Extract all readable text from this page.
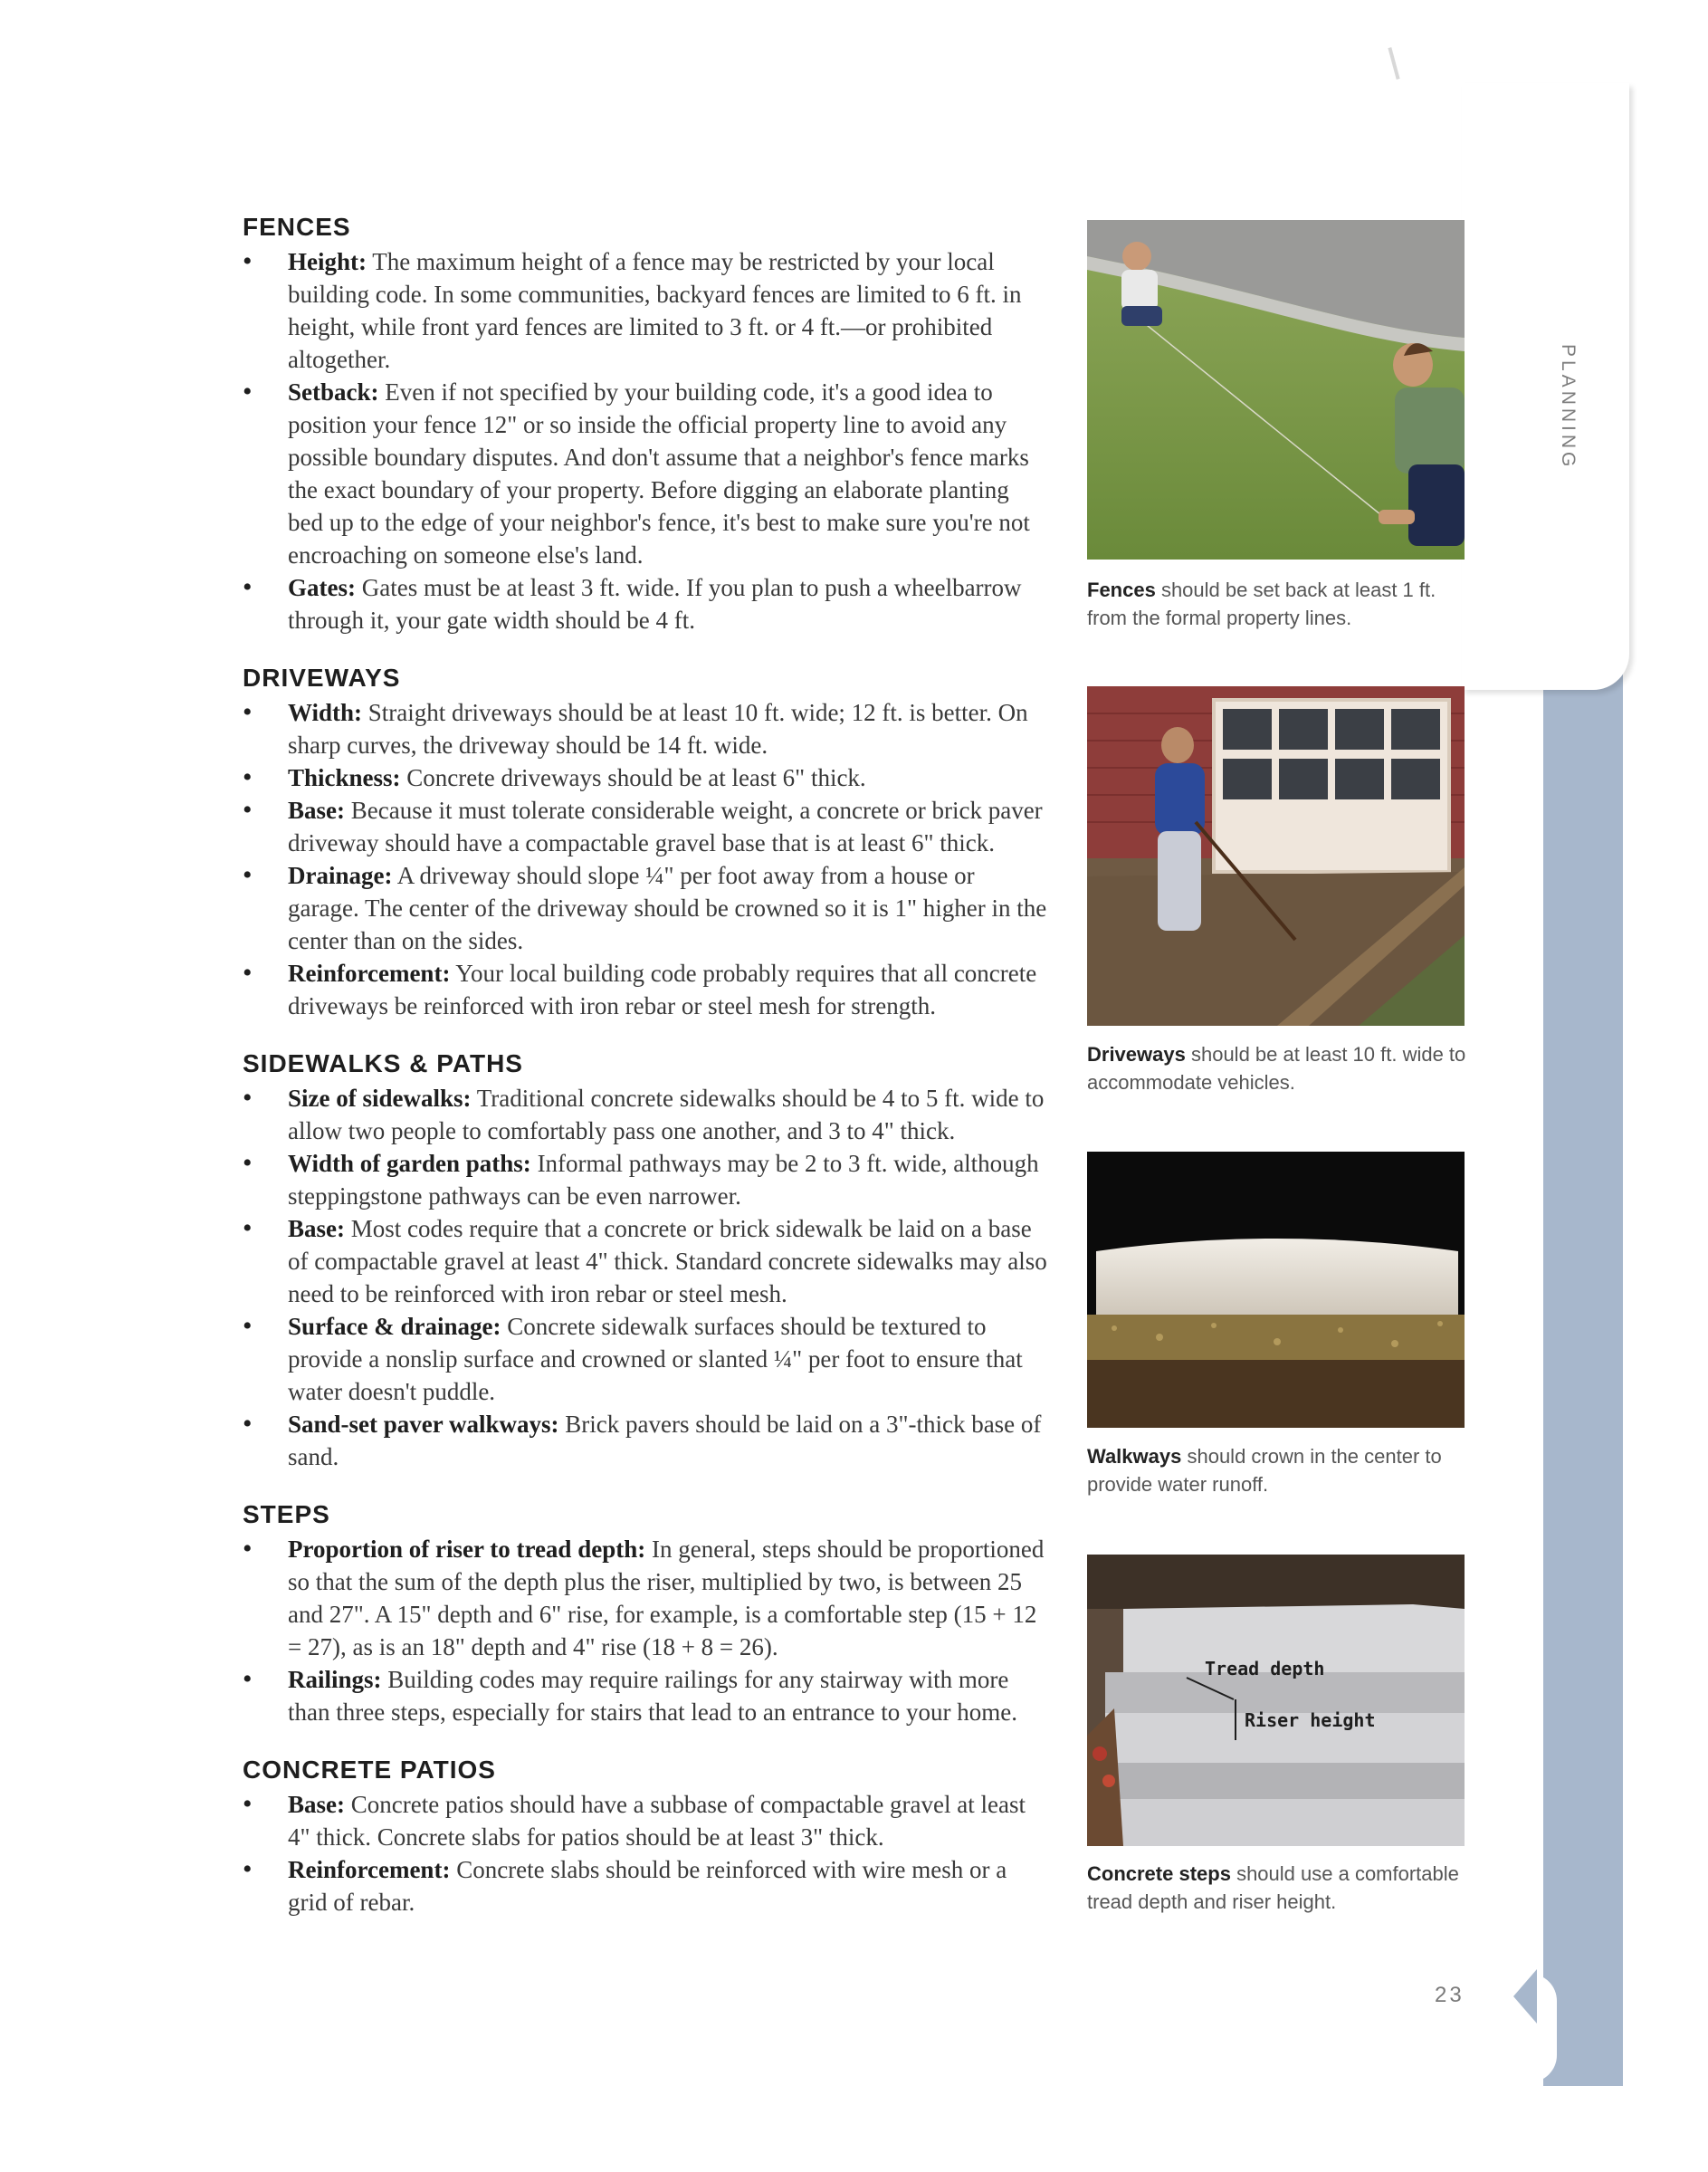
PLANNING
FENCES
• Height: The maximum height of a fence may be restricted by your local building code. In some communities, backyard fences are limited to 6 ft. in height, while front yard fences are limited to 3 ft. or 4 ft.—or prohibited altogether.
• Setback: Even if not specified by your building code, it's a good idea to position your fence 12" or so inside the official property line to avoid any possible boundary disputes. And don't assume that a neighbor's fence marks the exact boundary of your property. Before digging an elaborate planting bed up to the edge of your neighbor's fence, it's best to make sure you're not encroaching on someone else's land.
• Gates: Gates must be at least 3 ft. wide. If you plan to push a wheelbarrow through it, your gate width should be 4 ft.
DRIVEWAYS
• Width: Straight driveways should be at least 10 ft. wide; 12 ft. is better. On sharp curves, the driveway should be 14 ft. wide.
• Thickness: Concrete driveways should be at least 6" thick.
• Base: Because it must tolerate considerable weight, a concrete or brick paver driveway should have a compactable gravel base that is at least 6" thick.
• Drainage: A driveway should slope ¼" per foot away from a house or garage. The center of the driveway should be crowned so it is 1" higher in the center than on the sides.
• Reinforcement: Your local building code probably requires that all concrete driveways be reinforced with iron rebar or steel mesh for strength.
SIDEWALKS & PATHS
• Size of sidewalks: Traditional concrete sidewalks should be 4 to 5 ft. wide to allow two people to comfortably pass one another, and 3 to 4" thick.
• Width of garden paths: Informal pathways may be 2 to 3 ft. wide, although steppingstone pathways can be even narrower.
• Base: Most codes require that a concrete or brick sidewalk be laid on a base of compactable gravel at least 4" thick. Standard concrete sidewalks may also need to be reinforced with iron rebar or steel mesh.
• Surface & drainage: Concrete sidewalk surfaces should be textured to provide a nonslip surface and crowned or slanted ¼" per foot to ensure that water doesn't puddle.
• Sand-set paver walkways: Brick pavers should be laid on a 3"-thick base of sand.
STEPS
• Proportion of riser to tread depth: In general, steps should be proportioned so that the sum of the depth plus the riser, multiplied by two, is between 25 and 27". A 15" depth and 6" rise, for example, is a comfortable step (15 + 12 = 27), as is an 18" depth and 4" rise (18 + 8 = 26).
• Railings: Building codes may require railings for any stairway with more than three steps, especially for stairs that lead to an entrance to your home.
CONCRETE PATIOS
• Base: Concrete patios should have a subbase of compactable gravel at least 4" thick. Concrete slabs for patios should be at least 3" thick.
• Reinforcement: Concrete slabs should be reinforced with wire mesh or a grid of rebar.
Fences should be set back at least 1 ft. from the formal property lines.
Driveways should be at least 10 ft. wide to accommodate vehicles.
Walkways should crown in the center to provide water runoff.
Tread depth
Riser height
Concrete steps should use a comfortable tread depth and riser height.
23
